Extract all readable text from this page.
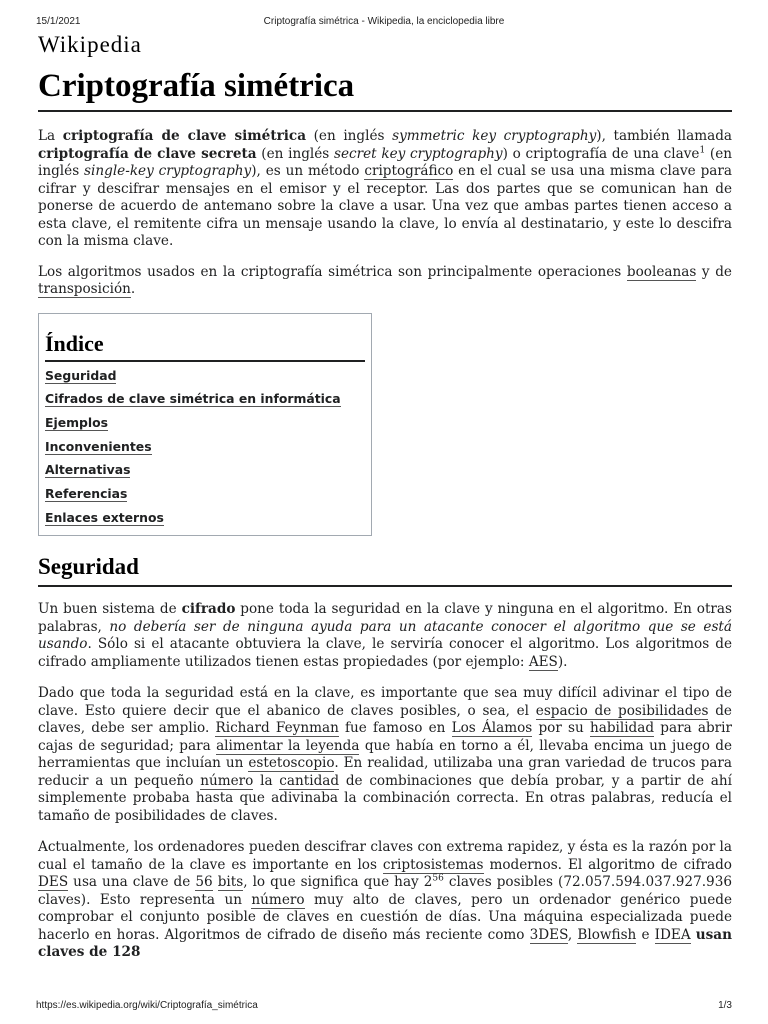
15/1/2021	Criptografía simétrica - Wikipedia, la enciclopedia libre
Wikipedia
Criptografía simétrica

La criptografía de clave simétrica (en inglés symmetric key cryptography), también llamada criptografía de clave secreta (en inglés secret key cryptography) o criptografía de una clave$^1$ (en inglés single-key cryptography), es un método criptográfico en el cual se usa una misma clave para cifrar y descifrar mensajes en el emisor y el receptor. Las dos partes que se comunican han de ponerse de acuerdo de antemano sobre la clave a usar. Una vez que ambas partes tienen acceso a esta clave, el remitente cifra un mensaje usando la clave, lo envía al destinatario, y este lo descifra con la misma clave.

Los algoritmos usados en la criptografía simétrica son principalmente operaciones booleanas y de transposición.

Índice
Seguridad
Cifrados de clave simétrica en informática
Ejemplos
Inconvenientes
Alternativas
Referencias
Enlaces externos
Seguridad

Un buen sistema de cifrado pone toda la seguridad en la clave y ninguna en el algoritmo. En otras palabras, no debería ser de ninguna ayuda para un atacante conocer el algoritmo que se está usando. Sólo si el atacante obtuviera la clave, le serviría conocer el algoritmo. Los algoritmos de cifrado ampliamente utilizados tienen estas propiedades (por ejemplo: AES).

Dado que toda la seguridad está en la clave, es importante que sea muy difícil adivinar el tipo de clave. Esto quiere decir que el abanico de claves posibles, o sea, el espacio de posibilidades de claves, debe ser amplio. Richard Feynman fue famoso en Los Álamos por su habilidad para abrir cajas de seguridad; para alimentar la leyenda que había en torno a él, llevaba encima un juego de herramientas que incluían un estetoscopio. En realidad, utilizaba una gran variedad de trucos para reducir a un pequeño número la cantidad de combinaciones que debía probar, y a partir de ahí simplemente probaba hasta que adivinaba la combinación correcta. En otras palabras, reducía el tamaño de posibilidades de claves.

Actualmente, los ordenadores pueden descifrar claves con extrema rapidez, y ésta es la razón por la cual el tamaño de la clave es importante en los criptosistemas modernos. El algoritmo de cifrado DES usa una clave de 56 bits, lo que significa que hay $2^{56}$ claves posibles (72.057.594.037.927.936 claves). Esto representa un número muy alto de claves, pero un ordenador genérico puede comprobar el conjunto posible de claves en cuestión de días. Una máquina especializada puede hacerlo en horas. Algoritmos de cifrado de diseño más reciente como 3DES, Blowfish e IDEA usan claves de 128

https://es.wikipedia.org/wiki/Criptografía_simétrica	1/3
